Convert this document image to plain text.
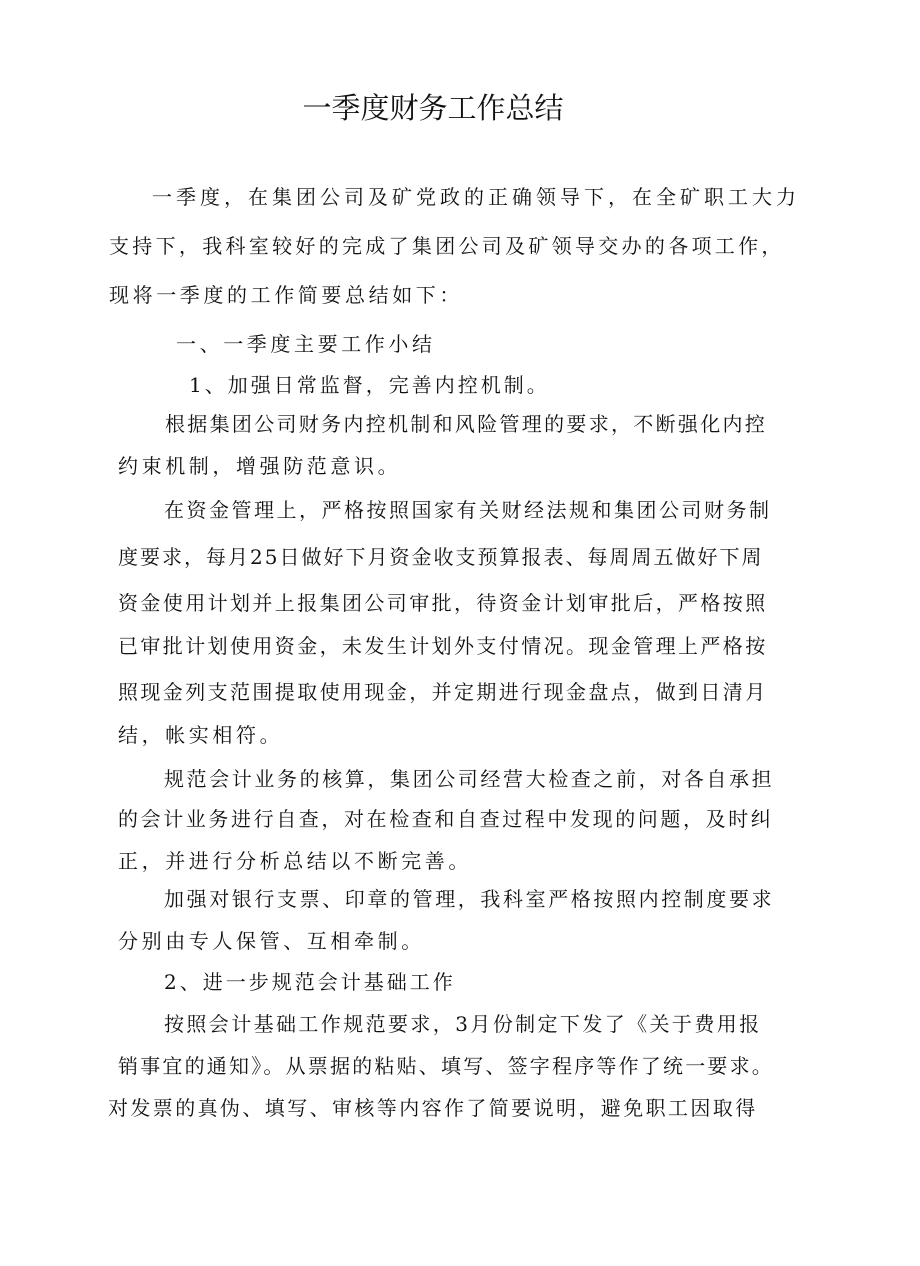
一季度财务工作总结
一季度，在集团公司及矿党政的正确领导下，在全矿职工大力
支持下，我科室较好的完成了集团公司及矿领导交办的各项工作，
现将一季度的工作简要总结如下：
一、一季度主要工作小结
1、加强日常监督，完善内控机制。
根据集团公司财务内控机制和风险管理的要求，不断强化内控
约束机制，增强防范意识。
在资金管理上，严格按照国家有关财经法规和集团公司财务制
度要求，每月25日做好下月资金收支预算报表、每周周五做好下周
资金使用计划并上报集团公司审批，待资金计划审批后，严格按照
已审批计划使用资金，未发生计划外支付情况。现金管理上严格按
照现金列支范围提取使用现金，并定期进行现金盘点，做到日清月
结，帐实相符。
规范会计业务的核算，集团公司经营大检查之前，对各自承担
的会计业务进行自查，对在检查和自查过程中发现的问题，及时纠
正，并进行分析总结以不断完善。
加强对银行支票、印章的管理，我科室严格按照内控制度要求
分别由专人保管、互相牵制。
2、进一步规范会计基础工作
按照会计基础工作规范要求，3月份制定下发了《关于费用报
销事宜的通知》。从票据的粘贴、填写、签字程序等作了统一要求。
对发票的真伪、填写、审核等内容作了简要说明，避免职工因取得
